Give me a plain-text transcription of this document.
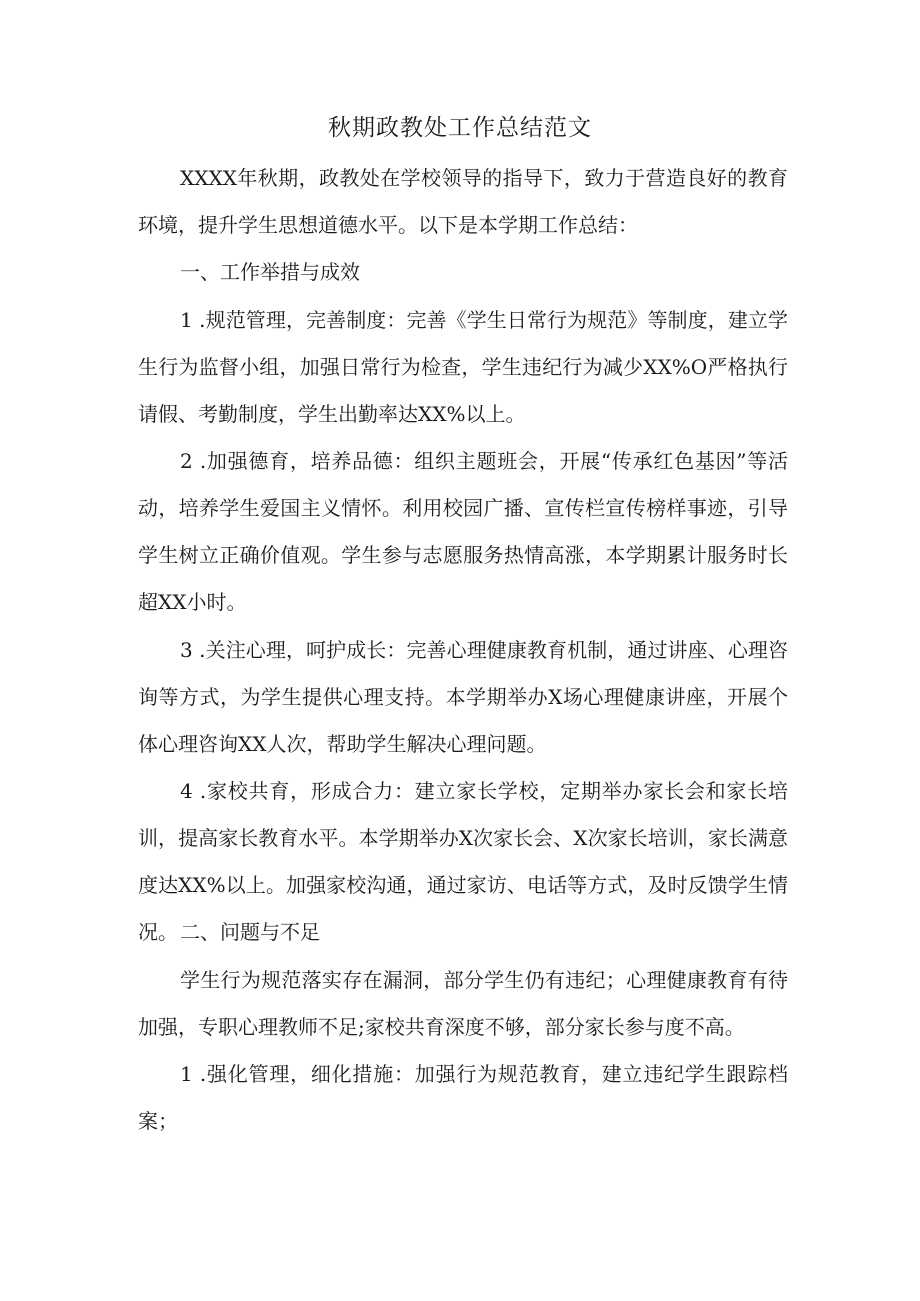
秋期政教处工作总结范文

XXXX年秋期，政教处在学校领导的指导下，致力于营造良好的教育环境，提升学生思想道德水平。以下是本学期工作总结：

一、工作举措与成效

1 .规范管理，完善制度：完善《学生日常行为规范》等制度，建立学生行为监督小组，加强日常行为检查，学生违纪行为减少XX%O严格执行请假、考勤制度，学生出勤率达XX%以上。

2 .加强德育，培养品德：组织主题班会，开展“传承红色基因”等活动，培养学生爱国主义情怀。利用校园广播、宣传栏宣传榜样事迹，引导学生树立正确价值观。学生参与志愿服务热情高涨，本学期累计服务时长超XX小时。

3 .关注心理，呵护成长：完善心理健康教育机制，通过讲座、心理咨询等方式，为学生提供心理支持。本学期举办X场心理健康讲座，开展个体心理咨询XX人次，帮助学生解决心理问题。

4 .家校共育，形成合力：建立家长学校，定期举办家长会和家长培训，提高家长教育水平。本学期举办X次家长会、X次家长培训，家长满意度达XX%以上。加强家校沟通，通过家访、电话等方式，及时反馈学生情况。 二、问题与不足

学生行为规范落实存在漏洞，部分学生仍有违纪；心理健康教育有待加强，专职心理教师不足;家校共育深度不够，部分家长参与度不高。

1 .强化管理，细化措施：加强行为规范教育，建立违纪学生跟踪档案；
